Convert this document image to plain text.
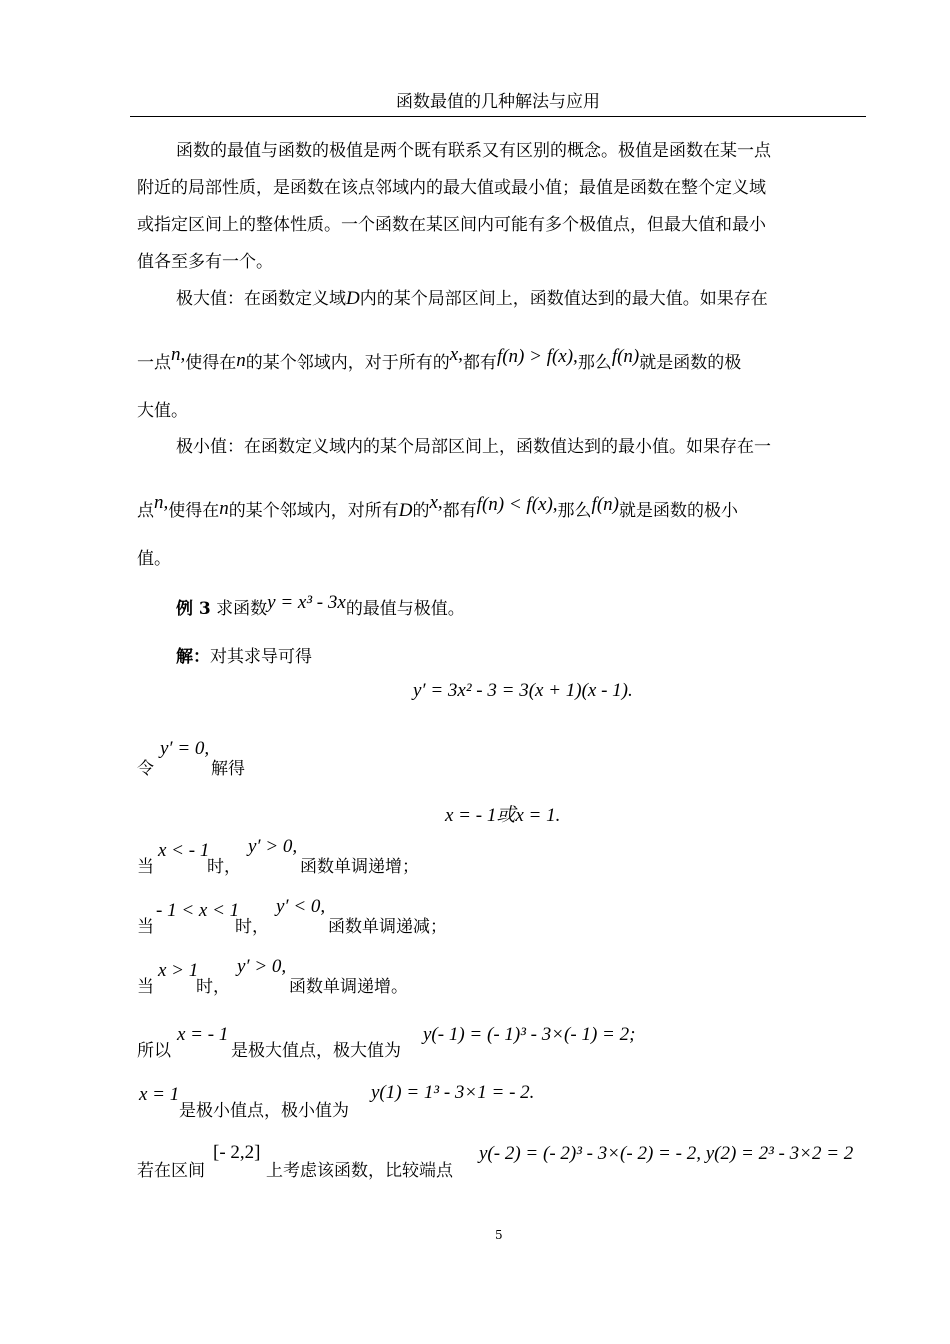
函数最值的几种解法与应用
函数的最值与函数的极值是两个既有联系又有区别的概念。极值是函数在某一点
附近的局部性质，是函数在该点邻域内的最大值或最小值；最值是函数在整个定义域
或指定区间上的整体性质。一个函数在某区间内可能有多个极值点，但最大值和最小
值各至多有一个。
极大值：在函数定义域D内的某个局部区间上，函数值达到的最大值。如果存在
一点n,使得在n的某个邻域内，对于所有的x,都有f(n) > f(x),那么f(n)就是函数的极
大值。
极小值：在函数定义域内的某个局部区间上，函数值达到的最小值。如果存在一
点n,使得在n的某个邻域内，对所有D的x,都有f(n) < f(x),那么f(n)就是函数的极小
值。
例 3 求函数y = x³ - 3x的最值与极值。
解：对其求导可得
y′ = 3x² - 3 = 3(x + 1)(x - 1).
令
y′ = 0,
解得
x = - 1或x = 1.
当
x < - 1
时，
y′ > 0,
函数单调递增；
当
- 1 < x < 1
时，
y′ < 0,
函数单调递减；
当
x > 1
时，
y′ > 0,
函数单调递增。
所以
x = - 1
是极大值点，极大值为
y(- 1) = (- 1)³ - 3×(- 1) = 2;
x = 1
是极小值点，极小值为
y(1) = 1³ - 3×1 = - 2.
若在区间
[- 2,2]
上考虑该函数，比较端点
y(- 2) = (- 2)³ - 3×(- 2) = - 2, y(2) = 2³ - 3×2 = 2
5
